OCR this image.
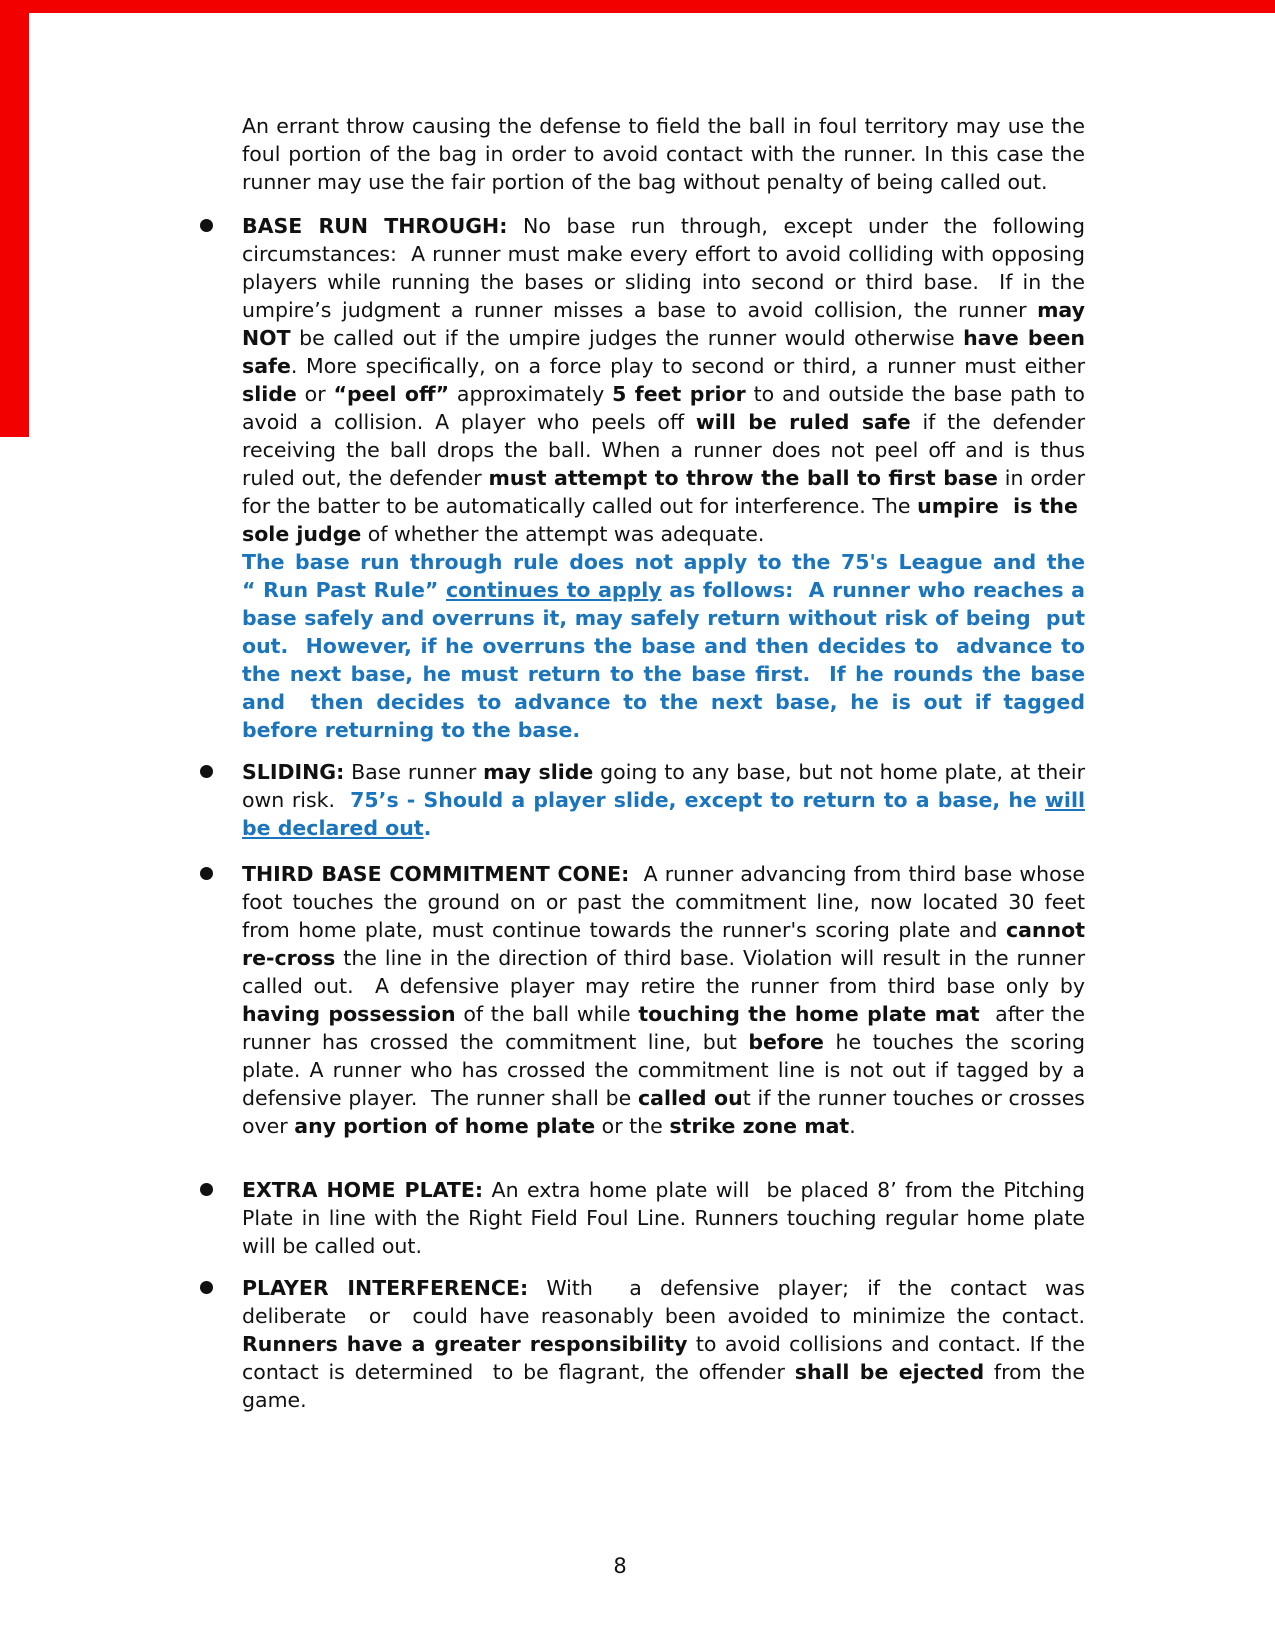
An errant throw causing the defense to field the ball in foul territory may use the foul portion of the bag in order to avoid contact with the runner. In this case the runner may use the fair portion of the bag without penalty of being called out.

BASE RUN THROUGH: No base run through, except under the following circumstances:  A runner must make every effort to avoid colliding with opposing players while running the bases or sliding into second or third base.  If in the umpire’s judgment a runner misses a base to avoid collision, the runner may NOT be called out if the umpire judges the runner would otherwise have been safe. More specifically, on a force play to second or third, a runner must either slide or “peel off” approximately 5 feet prior to and outside the base path to avoid a collision. A player who peels off will be ruled safe if the defender receiving the ball drops the ball. When a runner does not peel off and is thus ruled out, the defender must attempt to throw the ball to first base in order for the batter to be automatically called out for interference. The umpire  is the  sole judge of whether the attempt was adequate.
The base run through rule does not apply to the 75's League and the “ Run Past Rule” continues to apply as follows:  A runner who reaches a base safely and overruns it, may safely return without risk of being  put out.  However, if he overruns the base and then decides to  advance to the next base, he must return to the base first.  If he rounds the base and  then decides to advance to the next base, he is out if tagged before returning to the base.
SLIDING: Base runner may slide going to any base, but not home plate, at their own risk.  75’s - Should a player slide, except to return to a base, he will be declared out.
THIRD BASE COMMITMENT CONE:  A runner advancing from third base whose foot touches the ground on or past the commitment line, now located 30 feet from home plate, must continue towards the runner's scoring plate and cannot re-cross the line in the direction of third base. Violation will result in the runner called out.  A defensive player may retire the runner from third base only by having possession of the ball while touching the home plate mat  after the runner has crossed the commitment line, but before he touches the scoring plate. A runner who has crossed the commitment line is not out if tagged by a defensive player.  The runner shall be called out if the runner touches or crosses over any portion of home plate or the strike zone mat.
EXTRA HOME PLATE: An extra home plate will  be placed 8’ from the Pitching Plate in line with the Right Field Foul Line. Runners touching regular home plate will be called out.
PLAYER INTERFERENCE: With  a defensive player; if the contact was deliberate  or  could have reasonably been avoided to minimize the contact. Runners have a greater responsibility to avoid collisions and contact. If the contact is determined  to be flagrant, the offender shall be ejected from the game.
8
